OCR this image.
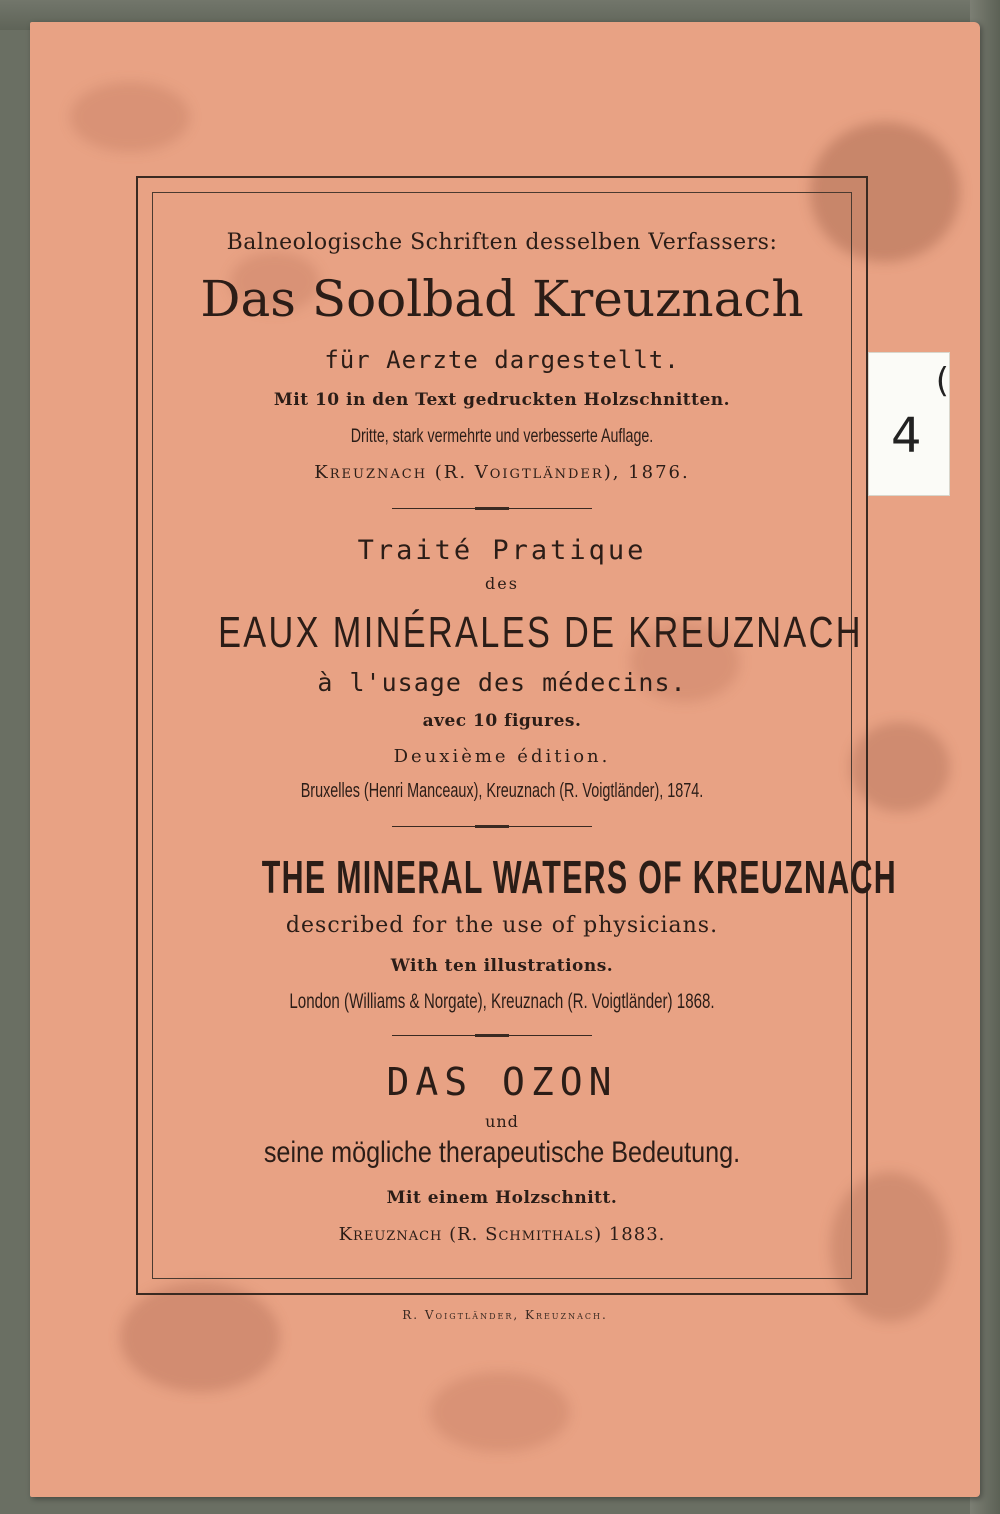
Balneologische Schriften desselben Verfassers:
Das Soolbad Kreuznach
für Aerzte dargestellt.
Mit 10 in den Text gedruckten Holzschnitten.
Dritte, stark vermehrte und verbesserte Auflage.
Kreuznach (R. Voigtländer), 1876.
Traité Pratique
des
EAUX MINÉRALES DE KREUZNACH
à l'usage des médecins.
avec 10 figures.
Deuxième édition.
Bruxelles (Henri Manceaux), Kreuznach (R. Voigtländer), 1874.
THE MINERAL WATERS OF KREUZNACH
described for the use of physicians.
With ten illustrations.
London (Williams & Norgate), Kreuznach (R. Voigtländer) 1868.
DAS OZON
und
seine mögliche therapeutische Bedeutung.
Mit einem Holzschnitt.
Kreuznach (R. Schmithals) 1883.
R. Voigtländer, Kreuznach.
(
4
